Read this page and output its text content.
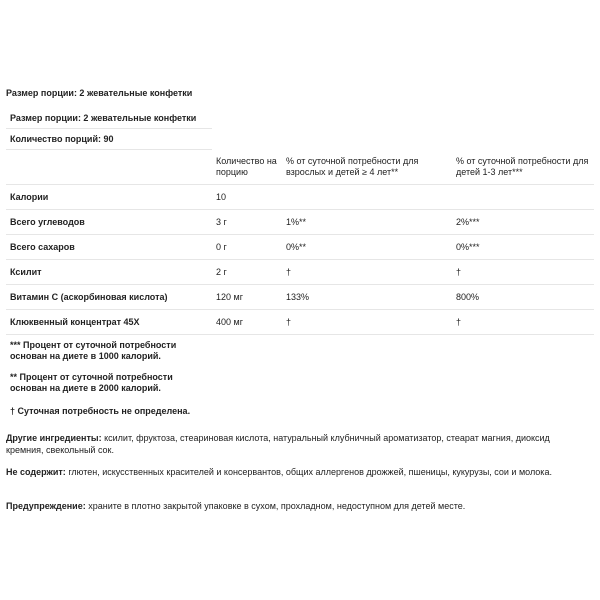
Размер порции: 2 жевательные конфетки
Размер порции: 2 жевательные конфетки			
Количество порций: 90			
	Количество на порцию	% от суточной потребности для взрослых и детей ≥ 4 лет**	% от суточной потребности для детей 1-3 лет***
Калории	10		
Всего углеводов	3 г	1%**	2%***
Всего сахаров	0 г	0%**	0%***
Ксилит	2 г	†	†
Витамин C (аскорбиновая кислота)	120 мг	133%	800%
Клюквенный концентрат 45X	400 мг	†	†
*** Процент от суточной потребности основан на диете в 1000 калорий.			
** Процент от суточной потребности основан на диете в 2000 калорий.			
† Суточная потребность не определена.			
Другие ингредиенты: ксилит, фруктоза, стеариновая кислота, натуральный клубничный ароматизатор, стеарат магния, диоксид кремния, свекольный сок.
Не содержит: глютен, искусственных красителей и консервантов, общих аллергенов дрожжей, пшеницы, кукурузы, сои и молока.
Предупреждение: храните в плотно закрытой упаковке в сухом, прохладном, недоступном для детей месте.
